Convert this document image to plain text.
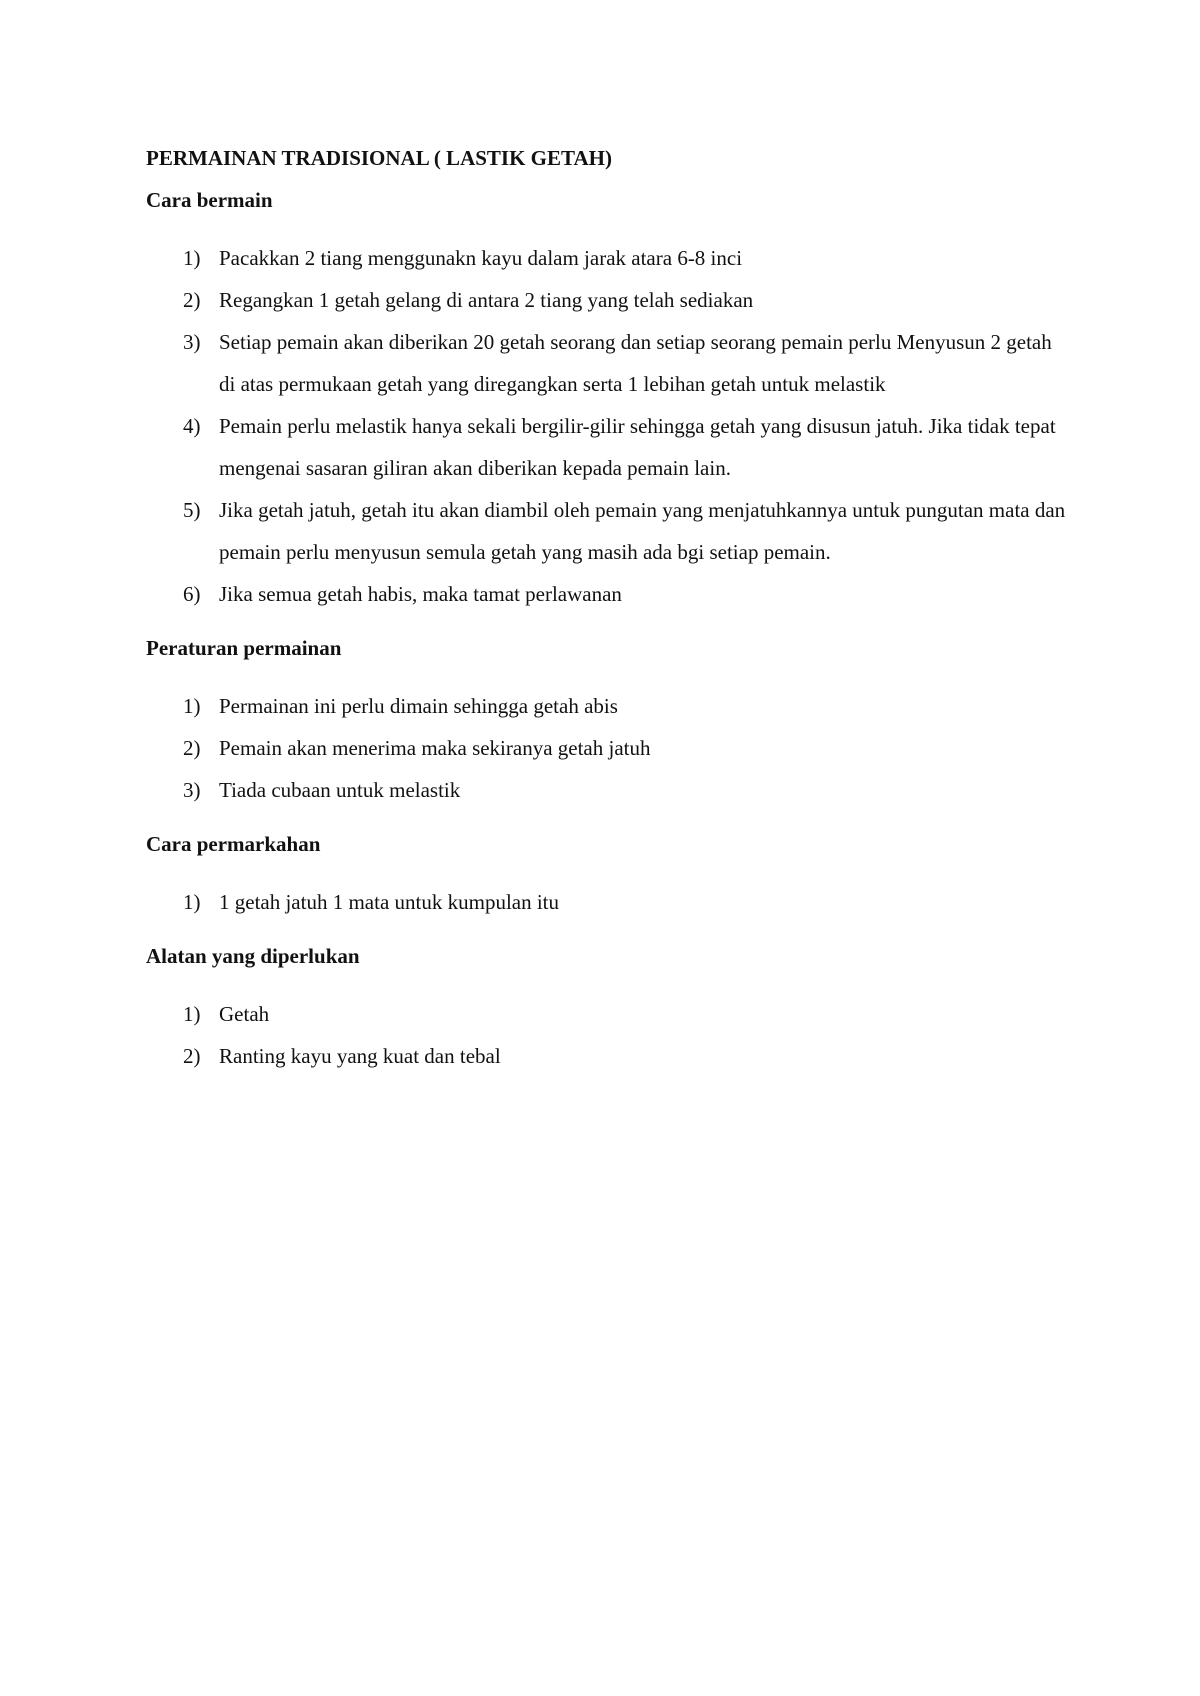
PERMAINAN TRADISIONAL ( LASTIK GETAH)
Cara bermain
1) Pacakkan 2 tiang menggunakn kayu dalam jarak atara 6-8 inci
2) Regangkan 1 getah gelang di antara 2 tiang yang telah sediakan
3) Setiap pemain akan diberikan 20 getah seorang dan setiap seorang pemain perlu Menyusun 2 getah di atas permukaan getah yang diregangkan serta 1 lebihan getah untuk melastik
4) Pemain perlu melastik hanya sekali bergilir-gilir sehingga getah yang disusun jatuh. Jika tidak tepat mengenai sasaran giliran akan diberikan kepada pemain lain.
5) Jika getah jatuh, getah itu akan diambil oleh pemain yang menjatuhkannya untuk pungutan mata dan pemain perlu menyusun semula getah yang masih ada bgi setiap pemain.
6) Jika semua getah habis, maka tamat perlawanan
Peraturan permainan
1) Permainan ini perlu dimain sehingga getah abis
2) Pemain akan menerima maka sekiranya getah jatuh
3) Tiada cubaan untuk melastik
Cara permarkahan
1) 1 getah jatuh 1 mata untuk kumpulan itu
Alatan yang diperlukan
1) Getah
2) Ranting kayu yang kuat dan tebal
